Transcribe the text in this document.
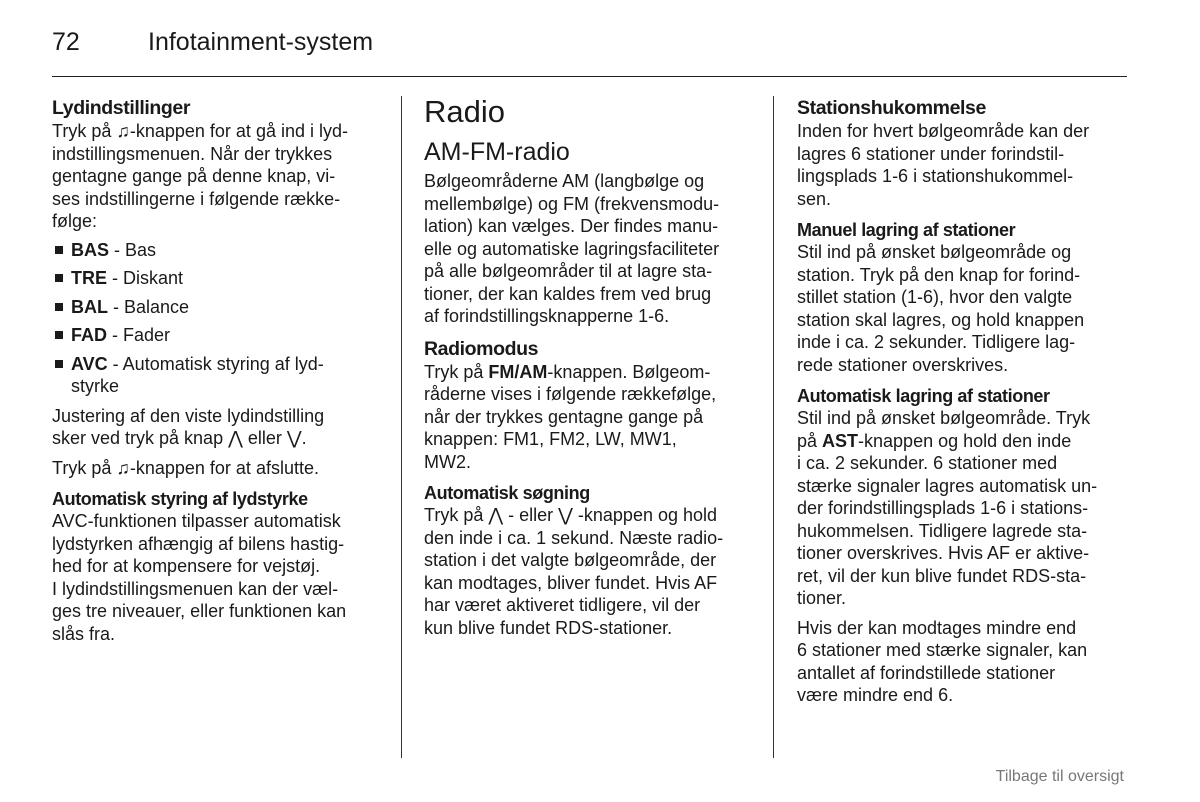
72	Infotainment-system

Lydindstillinger

Tryk på ♫-knappen for at gå ind i lyd-
indstillingsmenuen. Når der trykkes
gentagne gange på denne knap, vi-
ses indstillingerne i følgende række-
følge:

BAS - Bas
TRE - Diskant
BAL - Balance
FAD - Fader
AVC - Automatisk styring af lyd-
styrke

Justering af den viste lydindstilling
sker ved tryk på knap ⋀ eller ⋁.

Tryk på ♫-knappen for at afslutte.

Automatisk styring af lydstyrke

AVC-funktionen tilpasser automatisk
lydstyrken afhængig af bilens hastig-
hed for at kompensere for vejstøj.
I lydindstillingsmenuen kan der væl-
ges tre niveauer, eller funktionen kan
slås fra.

Radio

AM-FM-radio

Bølgeområderne AM (langbølge og
mellembølge) og FM (frekvensmodu-
lation) kan vælges. Der findes manu-
elle og automatiske lagringsfaciliteter
på alle bølgeområder til at lagre sta-
tioner, der kan kaldes frem ved brug
af forindstillingsknapperne 1-6.

Radiomodus

Tryk på FM/AM-knappen. Bølgeom-
råderne vises i følgende rækkefølge,
når der trykkes gentagne gange på
knappen: FM1, FM2, LW, MW1,
MW2.

Automatisk søgning

Tryk på ⋀ - eller ⋁ -knappen og hold
den inde i ca. 1 sekund. Næste radio-
station i det valgte bølgeområde, der
kan modtages, bliver fundet. Hvis AF
har været aktiveret tidligere, vil der
kun blive fundet RDS-stationer.

Stationshukommelse

Inden for hvert bølgeområde kan der
lagres 6 stationer under forindstil-
lingsplads 1-6 i stationshukommel-
sen.

Manuel lagring af stationer

Stil ind på ønsket bølgeområde og
station. Tryk på den knap for forind-
stillet station (1-6), hvor den valgte
station skal lagres, og hold knappen
inde i ca. 2 sekunder. Tidligere lag-
rede stationer overskrives.

Automatisk lagring af stationer

Stil ind på ønsket bølgeområde. Tryk
på AST-knappen og hold den inde
i ca. 2 sekunder. 6 stationer med
stærke signaler lagres automatisk un-
der forindstillingsplads 1-6 i stations-
hukommelsen. Tidligere lagrede sta-
tioner overskrives. Hvis AF er aktive-
ret, vil der kun blive fundet RDS-sta-
tioner.

Hvis der kan modtages mindre end
6 stationer med stærke signaler, kan
antallet af forindstillede stationer
være mindre end 6.

Tilbage til oversigt
